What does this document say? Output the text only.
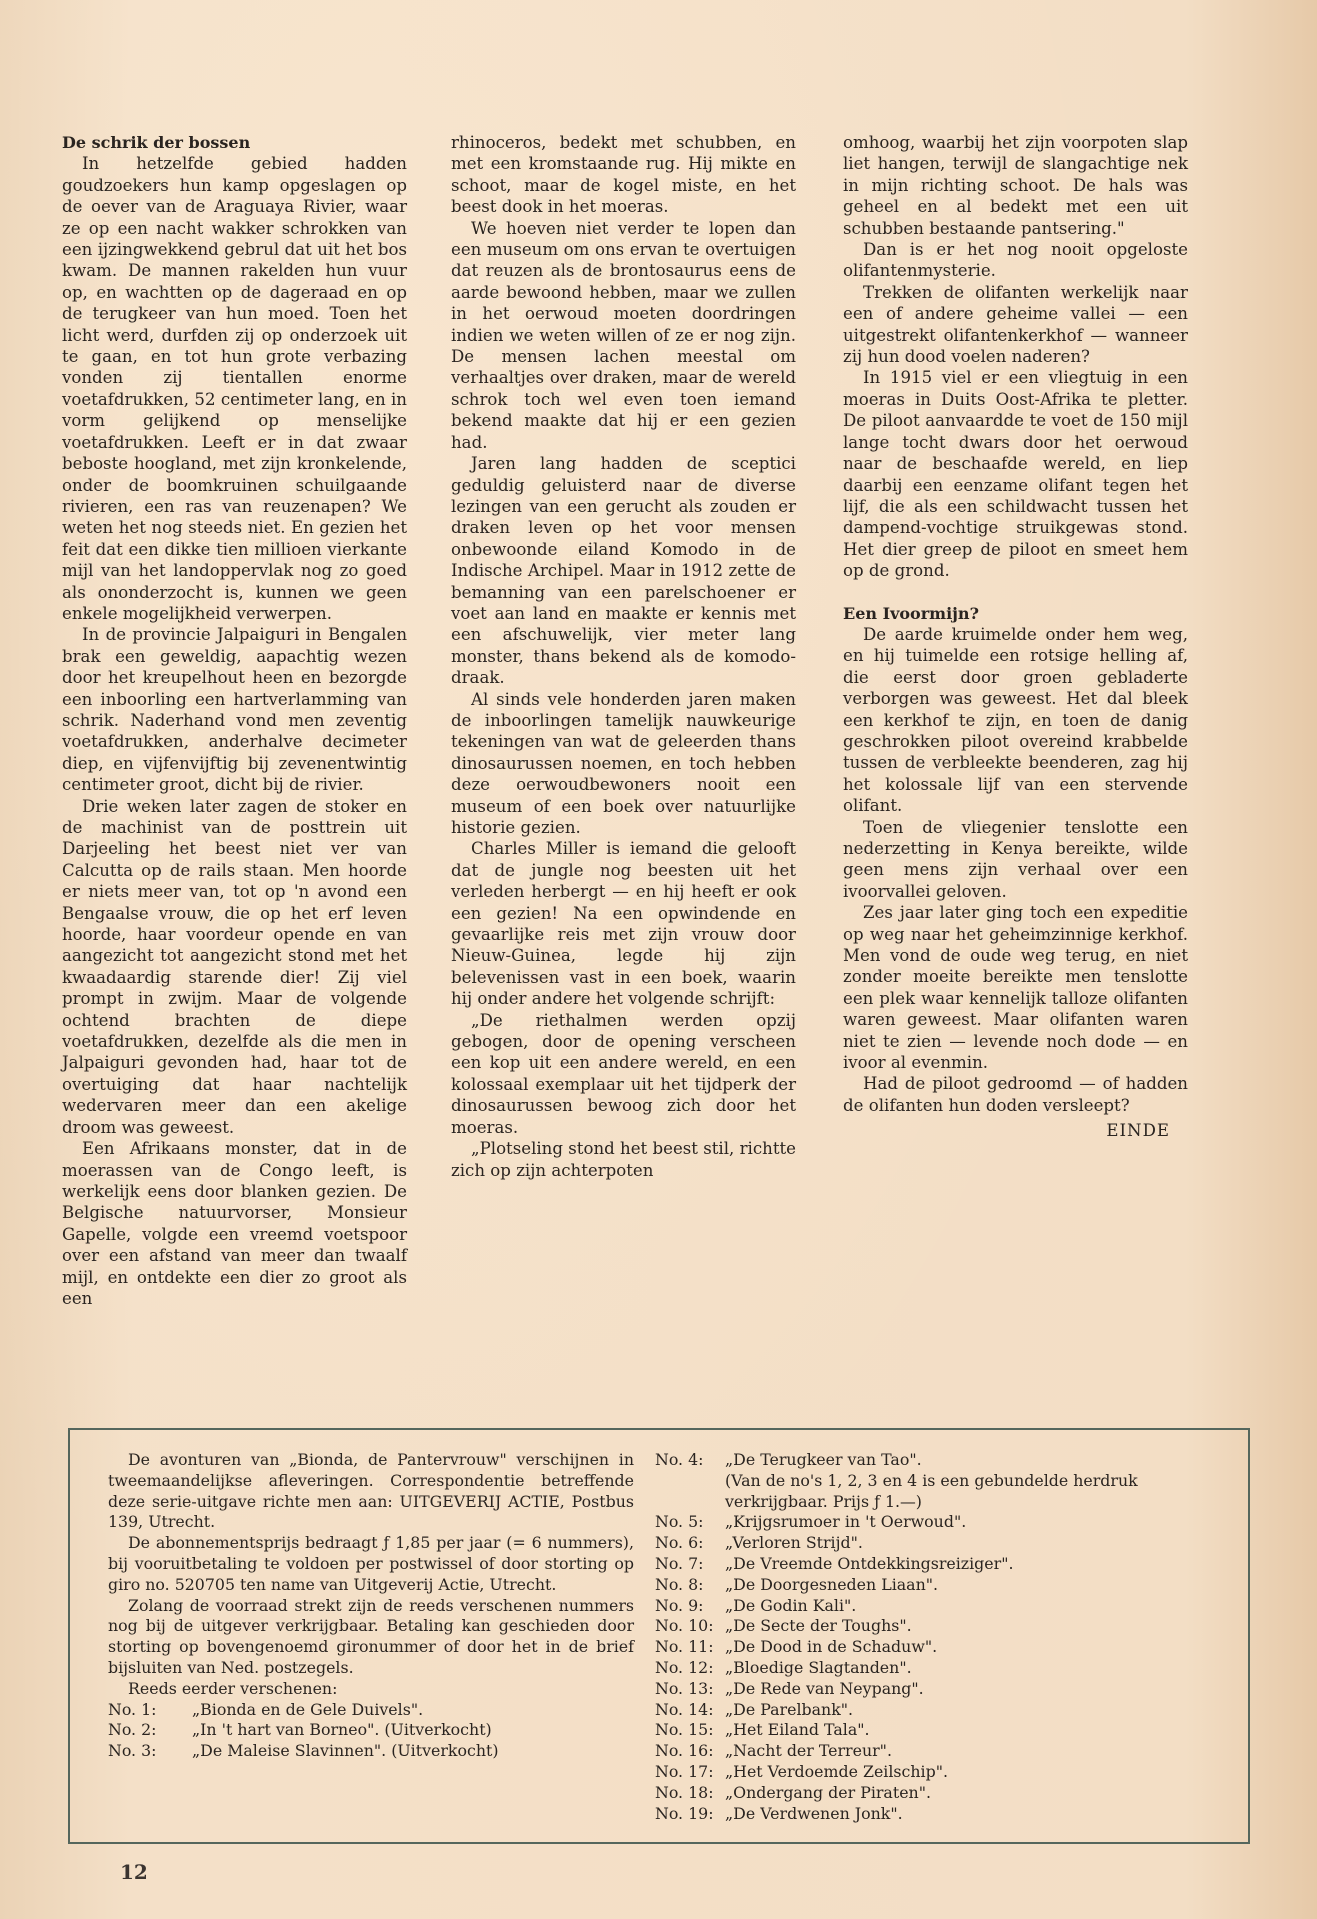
De schrik der bossen

In hetzelfde gebied hadden goudzoekers hun kamp opgeslagen op de oever van de Araguaya Rivier, waar ze op een nacht wakker schrokken van een ijzingwekkend gebrul dat uit het bos kwam. De mannen rakelden hun vuur op, en wachtten op de dageraad en op de terugkeer van hun moed. Toen het licht werd, durfden zij op onderzoek uit te gaan, en tot hun grote verbazing vonden zij tientallen enorme voetafdrukken, 52 centimeter lang, en in vorm gelijkend op menselijke voetafdrukken. Leeft er in dat zwaar beboste hoogland, met zijn kronkelende, onder de boomkruinen schuilgaande rivieren, een ras van reuzenapen? We weten het nog steeds niet. En gezien het feit dat een dikke tien millioen vierkante mijl van het landoppervlak nog zo goed als ononderzocht is, kunnen we geen enkele mogelijkheid verwerpen.

In de provincie Jalpaiguri in Bengalen brak een geweldig, aapachtig wezen door het kreupelhout heen en bezorgde een inboorling een hartverlamming van schrik. Naderhand vond men zeventig voetafdrukken, anderhalve decimeter diep, en vijfenvijftig bij zevenentwintig centimeter groot, dicht bij de rivier.

Drie weken later zagen de stoker en de machinist van de posttrein uit Darjeeling het beest niet ver van Calcutta op de rails staan. Men hoorde er niets meer van, tot op 'n avond een Bengaalse vrouw, die op het erf leven hoorde, haar voordeur opende en van aangezicht tot aangezicht stond met het kwaadaardig starende dier! Zij viel prompt in zwijm. Maar de volgende ochtend brachten de diepe voetafdrukken, dezelfde als die men in Jalpaiguri gevonden had, haar tot de overtuiging dat haar nachtelijk wedervaren meer dan een akelige droom was geweest.

Een Afrikaans monster, dat in de moerassen van de Congo leeft, is werkelijk eens door blanken gezien. De Belgische natuurvorser, Monsieur Gapelle, volgde een vreemd voetspoor over een afstand van meer dan twaalf mijl, en ontdekte een dier zo groot als een

rhinoceros, bedekt met schubben, en met een kromstaande rug. Hij mikte en schoot, maar de kogel miste, en het beest dook in het moeras.

We hoeven niet verder te lopen dan een museum om ons ervan te overtuigen dat reuzen als de brontosaurus eens de aarde bewoond hebben, maar we zullen in het oerwoud moeten doordringen indien we weten willen of ze er nog zijn. De mensen lachen meestal om verhaaltjes over draken, maar de wereld schrok toch wel even toen iemand bekend maakte dat hij er een gezien had.

Jaren lang hadden de sceptici geduldig geluisterd naar de diverse lezingen van een gerucht als zouden er draken leven op het voor mensen onbewoonde eiland Komodo in de Indische Archipel. Maar in 1912 zette de bemanning van een parelschoener er voet aan land en maakte er kennis met een afschuwelijk, vier meter lang monster, thans bekend als de komodo-draak.

Al sinds vele honderden jaren maken de inboorlingen tamelijk nauwkeurige tekeningen van wat de geleerden thans dinosaurussen noemen, en toch hebben deze oerwoudbewoners nooit een museum of een boek over natuurlijke historie gezien.

Charles Miller is iemand die gelooft dat de jungle nog beesten uit het verleden herbergt — en hij heeft er ook een gezien! Na een opwindende en gevaarlijke reis met zijn vrouw door Nieuw-Guinea, legde hij zijn belevenissen vast in een boek, waarin hij onder andere het volgende schrijft:

„De riethalmen werden opzij gebogen, door de opening verscheen een kop uit een andere wereld, en een kolossaal exemplaar uit het tijdperk der dinosaurussen bewoog zich door het moeras.

„Plotseling stond het beest stil, richtte zich op zijn achterpoten

omhoog, waarbij het zijn voorpoten slap liet hangen, terwijl de slangachtige nek in mijn richting schoot. De hals was geheel en al bedekt met een uit schubben bestaande pantsering."

Dan is er het nog nooit opgeloste olifantenmysterie.

Trekken de olifanten werkelijk naar een of andere geheime vallei — een uitgestrekt olifantenkerkhof — wanneer zij hun dood voelen naderen?

In 1915 viel er een vliegtuig in een moeras in Duits Oost-Afrika te pletter. De piloot aanvaardde te voet de 150 mijl lange tocht dwars door het oerwoud naar de beschaafde wereld, en liep daarbij een eenzame olifant tegen het lijf, die als een schildwacht tussen het dampend-vochtige struikgewas stond. Het dier greep de piloot en smeet hem op de grond.

Een Ivoormijn?

De aarde kruimelde onder hem weg, en hij tuimelde een rotsige helling af, die eerst door groen gebladerte verborgen was geweest. Het dal bleek een kerkhof te zijn, en toen de danig geschrokken piloot overeind krabbelde tussen de verbleekte beenderen, zag hij het kolossale lijf van een stervende olifant.

Toen de vliegenier tenslotte een nederzetting in Kenya bereikte, wilde geen mens zijn verhaal over een ivoorvallei geloven.

Zes jaar later ging toch een expeditie op weg naar het geheimzinnige kerkhof. Men vond de oude weg terug, en niet zonder moeite bereikte men tenslotte een plek waar kennelijk talloze olifanten waren geweest. Maar olifanten waren niet te zien — levende noch dode — en ivoor al evenmin.

Had de piloot gedroomd — of hadden de olifanten hun doden versleept?

EINDE

De avonturen van „Bionda, de Pantervrouw" verschijnen in tweemaandelijkse afleveringen. Correspondentie betreffende deze serie-uitgave richte men aan: UITGEVERIJ ACTIE, Postbus 139, Utrecht.

De abonnementsprijs bedraagt ƒ 1,85 per jaar (= 6 nummers), bij vooruitbetaling te voldoen per postwissel of door storting op giro no. 520705 ten name van Uitgeverij Actie, Utrecht.

Zolang de voorraad strekt zijn de reeds verschenen nummers nog bij de uitgever verkrijgbaar. Betaling kan geschieden door storting op bovengenoemd gironummer of door het in de brief bijsluiten van Ned. postzegels.

Reeds eerder verschenen:

No. 1:	„Bionda en de Gele Duivels".
No. 2:	„In 't hart van Borneo". (Uitverkocht)
No. 3:	„De Maleise Slavinnen". (Uitverkocht)
No. 4:	„De Terugkeer van Tao".
(Van de no's 1, 2, 3 en 4 is een gebundelde herdruk verkrijgbaar. Prijs ƒ 1.—)
No. 5:	„Krijgsrumoer in 't Oerwoud".
No. 6:	„Verloren Strijd".
No. 7:	„De Vreemde Ontdekkingsreiziger".
No. 8:	„De Doorgesneden Liaan".
No. 9:	„De Godin Kali".
No. 10: „De Secte der Toughs".
No. 11: „De Dood in de Schaduw".
No. 12: „Bloedige Slagtanden".
No. 13: „De Rede van Neypang".
No. 14: „De Parelbank".
No. 15: „Het Eiland Tala".
No. 16: „Nacht der Terreur".
No. 17: „Het Verdoemde Zeilschip".
No. 18: „Ondergang der Piraten".
No. 19: „De Verdwenen Jonk".
12
